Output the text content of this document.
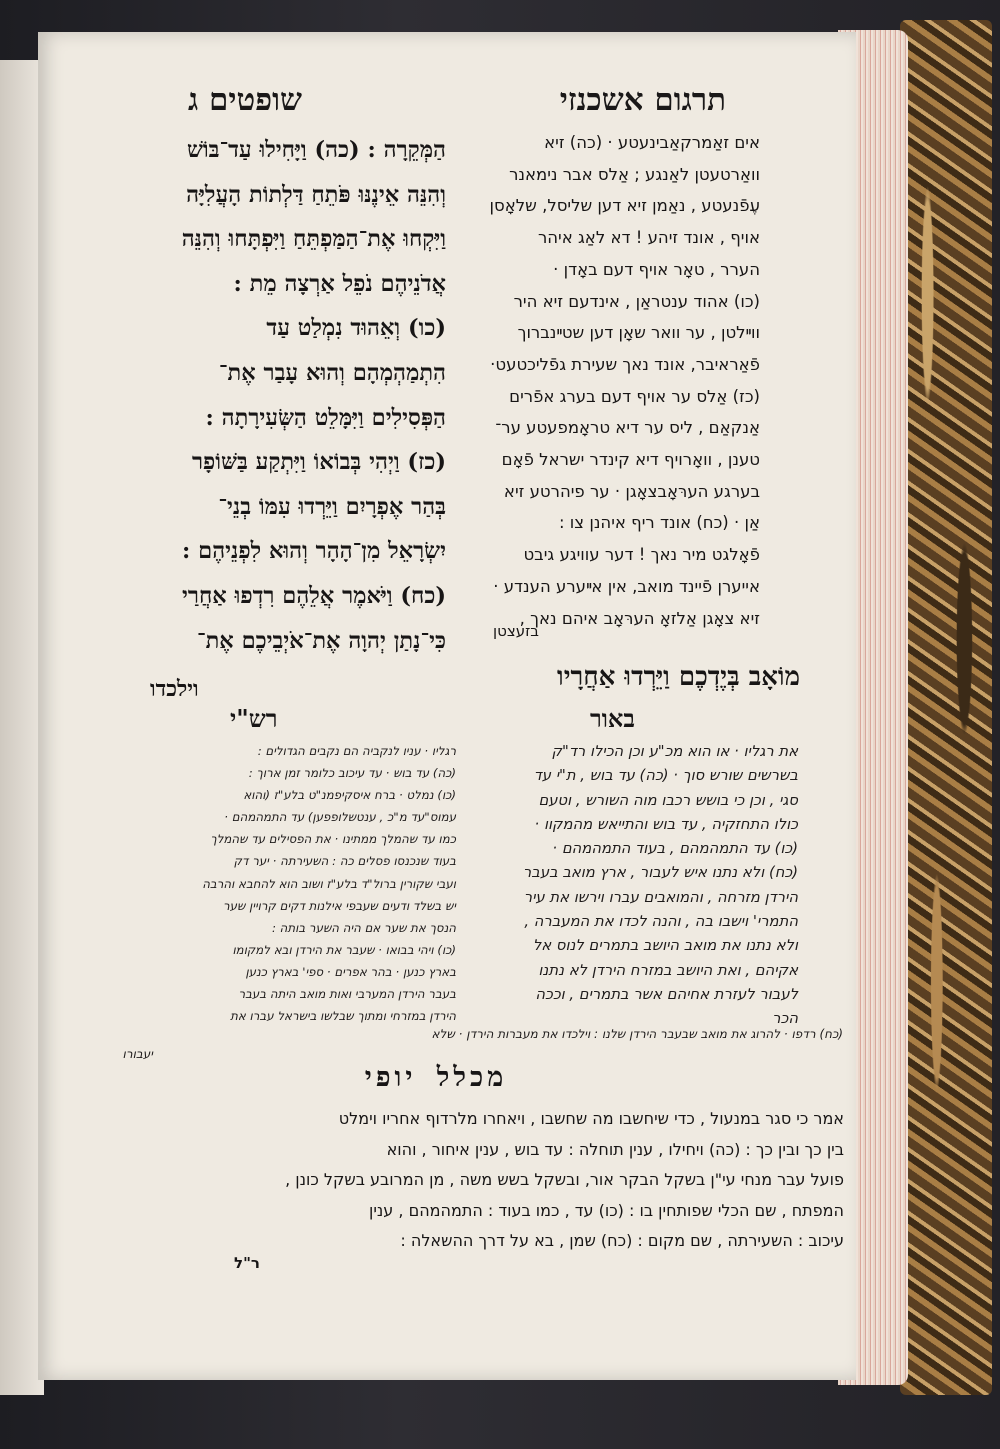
שופטים ג	תרגום אשכנזי
אים זאַמרקאַבינעטע · (כה) זיא
וואַרטעטן לאַנגע ; אַלס אבר נימאנר
עֶפֿנעטע , נאַמן זיא דען שליסל, שלאָסן
אויף , אונד זיהע ! דא לאַג איהר
הערר , טאָר אויף דעם באָדן ·
(כו) אהוד ענטראַן , אינדעם זיא היר
ווײלטן , ער וואר שאָן דען שטײנברוך
פֿאַראיבר, אונד נאך שעירת גפֿליכטעט·
(כז) אַלס ער אויף דעם בערג אפֿרים
אַנקאַם , ליס ער דיא טראָמפעטע ער־
טענן , וואָרויף דיא קינדר ישראל פֿאָם
בערגע הערּאָבצאָגן · ער פיהרטע זיא
אַן · (כח) אונד ריף איהנן צו :
פֿאָלגט מיר נאך ! דער עוויגע גיבט
אייערן פֿיינד מואב, אין אײערע הענדע ·
זיא צאָגן אַלזאָ הערּאָב איהם נאך ,
בזעצטן
הַמְּקֵרָה : (כה) וַיָּחִילוּ עַד־בּוֹשׁ
וְהִנֵּה אֵינֶנּוּ פֹּתֵחַ דַּלְתוֹת הָעֲלִיָּה
וַיִּקְחוּ אֶת־הַמַּפְתֵּחַ וַיִּפְתָּחוּ וְהִנֵּה
אֲדֹנֵיהֶם נֹפֵל אַרְצָה מֵת :
(כו) וְאֵהוּד נִמְלַט עַד
הִתְמַהְמְהָם וְהוּא עָבַר אֶת־
הַפְּסִילִים וַיִּמָּלֵט הַשְּׂעִירָתָה :
(כז) וַיְהִי בְּבוֹאוֹ וַיִּתְקַע בַּשּׁוֹפָר
בְּהַר אֶפְרָיִם וַיֵּרְדוּ עִמּוֹ בְנֵי־
יִשְׂרָאֵל מִן־הָהָר וְהוּא לִפְנֵיהֶם :
(כח) וַיֹּאמֶר אֲלֵהֶם רִדְפוּ אַחֲרַי
כִּי־נָתַן יְהוָה אֶת־אֹיְבֵיכֶם אֶת־
מוֹאָב בְּיֶדְכֶם וַיֵּרְדוּ אַחֲרָיו
וילכדו
באור
רש"י
את רגליו · או הוא מכ"ע וכן הכילו רד"ק
בשרשים שורש סוך · (כה) עד בוש , ת"י עד
סגי , וכן כי בושש רכבו מוה השורש , וטעם
כולו התחזקיה , עד בוש והתייאש מהמקוו ·
(כו) עד התמהמהם , בעוד התמהמהם ·
(כח) ולא נתנו איש לעבור , ארץ מואב בעבר
הירדן מזרחה , והמואבים עברו וירשו את עיר
התמרי' וישבו בה , והנה לכדו את המעברה ,
ולא נתנו את מואב היושב בתמרים לנוס אל
אקיהם , ואת היושב במזרח הירדן לא נתנו
לעבור לעזרת אחיהם אשר בתמרים , וככה
הכר
רגליו · עניו לנקביה הם נקבים הגדולים :
(כה) עד בוש · עד עיכוב כלומר זמן ארוך :
(כו) נמלט · ברח איסקיפמנ"ט בלע"ז (והוא
עמוס"עד מ"כ , ענטשלופפען) עד התמהמהם ·
כמו עד שהמלך ממתינו · את הפסילים עד שהמלך
בעוד שנכנסו פסלים כה : השעירתה · יער דק
ועבי שקורין ברול"ד בלע"ז ושוב הוא להחבא והרבה
יש בשלד ודעים שעבפי אילנות דקים קרויין שער
הנסך את שער אם היה השער בותה :
(כו) ויהי בבואו · שעבר את הירדן ובא למקומו
בארץ כנען · בהר אפרים · ספי' בארץ כנען
בעבר הירדן המערבי ואות מואב היתה בעבר
הירדן במזרחי ומתוך שבלשו בישראל עברו את
(כח) רדפו · להרוג את מואב שבעבר הירדן שלנו : וילכדו את מעברות הירדן · שלא
יעבורו
מכלל יופי
אמר כי סגר במנעול , כדי שיחשבו מה שחשבו , ויאחרו מלרדוף אחריו וימלט
בין כך ובין כך : (כה) ויחילו , ענין תוחלה : עד בוש , ענין איחור , והוא
פועל עבר מנחי עי"ן בשקל הבקר אור, ובשקל בשש משה , מן המרובע בשקל כונן ,
המפתח , שם הכלי שפותחין בו : (כו) עד , כמו בעוד : התמהמהם , ענין
עיכוב : השעירתה , שם מקום : (כח) שמן , בא על דרך ההשאלה :
ר"ל
